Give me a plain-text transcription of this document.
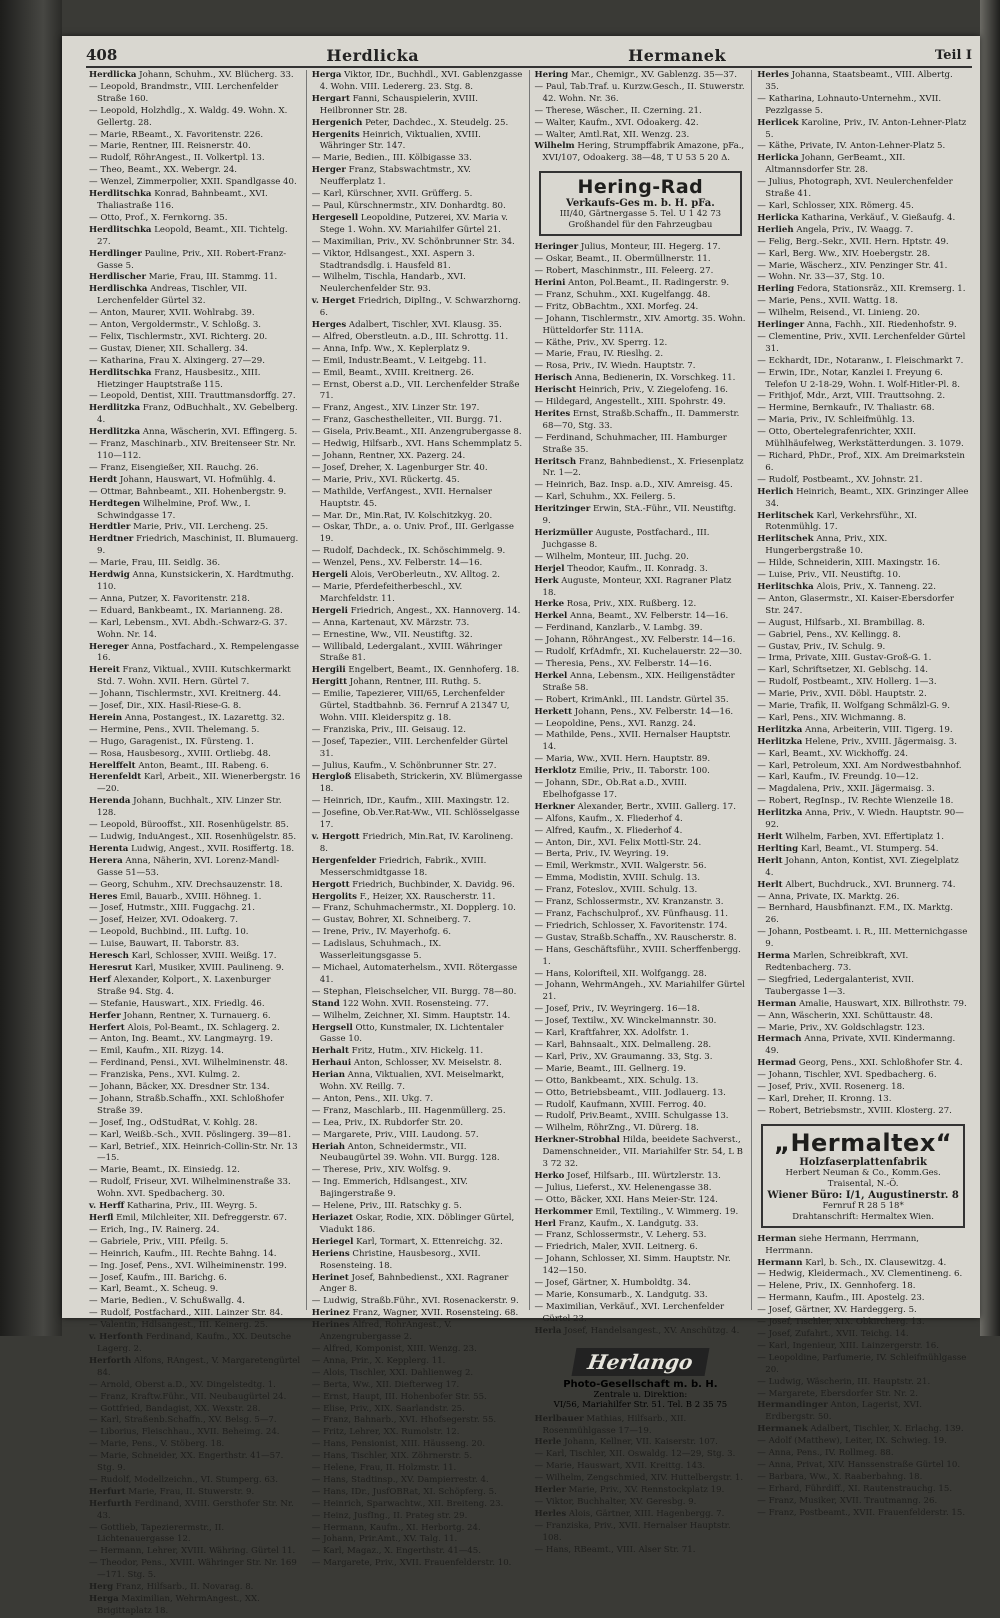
408	Herdlicka	Hermanek	Teil I
Herdlicka Johann, Schuhm., XV. Blücherg. 33.
— Leopold, Brandmstr., VIII. Lerchenfelder Straße 160.
— Leopold, Holzhdlg., X. Waldg. 49. Wohn. X. Gellertg. 28.
— Marie, RBeamt., X. Favoritenstr. 226.
— Marie, Rentner, III. Reisnerstr. 40.
— Rudolf, RöhrAngest., II. Volkertpl. 13.
— Theo, Beamt., XX. Webergr. 24.
— Wenzel, Zimmerpolier, XXII. Spandlgasse 40.
Herdlitschka Konrad, Bahnbeamt., XVI. Thaliastraße 116.
— Otto, Prof., X. Fernkorng. 35.
Herdlitschka Leopold, Beamt., XII. Tichtelg. 27.
Herdlinger Pauline, Priv., XII. Robert-Franz-Gasse 5.
Herdlischer Marie, Frau, III. Stammg. 11.
Herdlischka Andreas, Tischler, VII. Lerchenfelder Gürtel 32.
— Anton, Maurer, XVII. Wohlrabg. 39.
— Anton, Vergoldermstr., V. Schloßg. 3.
— Felix, Tischlermstr., XVI. Richterg. 20.
— Gustav, Diener, XII. Schallerg. 34.
— Katharina, Frau X. Alxingerg. 27—29.
Herdlitschka Franz, Hausbesitz., XIII. Hietzinger Hauptstraße 115.
— Leopold, Dentist, XIII. Trauttmansdorffg. 27.
Herdlitzka Franz, OdBuchhalt., XV. Gebelberg. 4.
Herdlitzka Anna, Wäscherin, XVI. Effingerg. 5.
— Franz, Maschinarb., XIV. Breitenseer Str. Nr. 110—112.
— Franz, Eisengießer, XII. Rauchg. 26.
Herdt Johann, Hauswart, VI. Hofmühlg. 4.
— Ottmar, Bahnbeamt., XII. Hohenbergstr. 9.
Herdtegen Wilhelmine, Prof. Ww., I. Schwindgasse 17.
Herdtler Marie, Priv., VII. Lercheng. 25.
Herdtner Friedrich, Maschinist, II. Blumauerg. 9.
— Marie, Frau, III. Seidlg. 36.
Herdwig Anna, Kunstsickerin, X. Hardtmuthg. 110.
— Anna, Putzer, X. Favoritenstr. 218.
— Eduard, Bankbeamt., IX. Marianneng. 28.
— Karl, Lebensm., XVI. Abdh.-Schwarz-G. 37. Wohn. Nr. 14.
Hereger Anna, Postfachard., X. Rempelengasse 16.
Hereit Franz, Viktual., XVIII. Kutschkermarkt Std. 7. Wohn. XVII. Hern. Gürtel 7.
— Johann, Tischlermstr., XVI. Kreitnerg. 44.
— Josef, Dir., XIX. Hasil-Riese-G. 8.
Herein Anna, Postangest., IX. Lazarettg. 32.
— Hermine, Pens., XVII. Thelemang. 5.
— Hugo, Garagenist., IX. Fürsteng. 1.
— Rosa, Hausbesorg., XVIII. Ortliebg. 48.
Herelffelt Anton, Beamt., III. Rabeng. 6.
Herenfeldt Karl, Arbeit., XII. Wienerbergstr. 16—20.
Herenda Johann, Buchhalt., XIV. Linzer Str. 128.
— Leopold, Bürooffst., XII. Rosenhügelstr. 85.
— Ludwig, InduAngest., XII. Rosenhügelstr. 85.
Herenta Ludwig, Angest., XVII. Rosiffertg. 18.
Herera Anna, Näherin, XVI. Lorenz-Mandl-Gasse 51—53.
— Georg, Schuhm., XIV. Drechsauzenstr. 18.
Heres Emil, Bauarb., XVIII. Höhneg. 1.
— Josef, Hutmstr., XIII. Fuggachg. 21.
— Josef, Heizer, XVI. Odoakerg. 7.
— Leopold, Buchbind., III. Luftg. 10.
— Luise, Bauwart, II. Taborstr. 83.
Heresch Karl, Schlosser, XVIII. Weißg. 17.
Heresrut Karl, Musiker, XVIII. Paulineng. 9.
Herf Alexander, Kolport., X. Laxenburger Straße 94. Stg. 4.
— Stefanie, Hauswart., XIX. Friedlg. 46.
Herfer Johann, Rentner, X. Turnauerg. 6.
Herfert Alois, Pol-Beamt., IX. Schlagerg. 2.
— Anton, Ing. Beamt., XV. Langmayrg. 19.
— Emil, Kaufm., XII. Rizyg. 14.
— Ferdinand, Pensi., XVI. Wilhelminenstr. 48.
— Franziska, Pens., XVI. Kulmg. 2.
— Johann, Bäcker, XX. Dresdner Str. 134.
— Johann, Straßb.Schaffn., XXI. Schloßhofer Straße 39.
— Josef, Ing., OdStudRat, V. Kohlg. 28.
— Karl, Weißb.-Sch., XVII. Pöslingerg. 39—81.
— Karl, Betrief., XIX. Heinrich-Collin-Str. Nr. 13—15.
— Marie, Beamt., IX. Einsiedg. 12.
— Rudolf, Friseur, XVI. Wilhelminenstraße 33. Wohn. XVI. Spedbacherg. 30.
v. Herff Katharina, Priv., III. Weyrg. 5.
Herfl Emil, Milchleiter, XII. Defreggerstr. 67.
— Erich, Ing., IV. Rainerg. 24.
— Gabriele, Priv., VIII. Pfeilg. 5.
— Heinrich, Kaufm., III. Rechte Bahng. 14.
— Ing. Josef, Pens., XVI. Wilheiminenstr. 199.
— Josef, Kaufm., III. Barichg. 6.
— Karl, Beamt., X. Scheug. 9.
— Marie, Bedien., V. Schußwallg. 4.
— Rudolf, Postfachard., XIII. Lainzer Str. 84.
— Valentin, Hdlsangest., III. Keinerg. 25.
v. Herfonth Ferdinand, Kaufm., XX. Deutsche Lagerg. 2.
Herforth Alfons, RAngest., V. Margaretengürtel 84.
— Arnold, Oberst a.D., XV. Dingelstedtg. 1.
— Franz, Kraftw.Führ., VII. Neubaugürtel 24.
— Gottfried, Bandagist, XX. Wexstr. 28.
— Karl, Straßenb.Schaffn., XV. Belsg. 5—7.
— Liborius, Fleischhau., XVII. Beheimg. 24.
— Marie, Pens., V. Stöberg. 18.
— Marie, Schneider, XX. Engerthstr. 41—57. Stg. 9.
— Rudolf, Modellzeichn., VI. Stumperg. 63.
Herfurt Marie, Frau, II. Stuwerstr. 9.
Herfurth Ferdinand, XVIII. Gersthofer Str. Nr. 43.
— Gottlieb, Tapezierermstr., II. Lichtenauergasse 12.
— Hermann, Lehrer, XVIII. Währing. Gürtel 11.
— Theodor, Pens., XVIII. Währinger Str. Nr. 169—171. Stg. 5.
Herg Franz, Hilfsarb., II. Novarag. 8.
Herga Maximilian, WehrmAngest., XX. Brigittaplatz 18.
Herga Viktor, IDr., Buchhdl., XVI. Gablenzgasse 4. Wohn. VIII. Ledererg. 23. Stg. 8.
Hergart Fanni, Schauspielerin, XVIII. Heilbronner Str. 28.
Hergenich Peter, Dachdec., X. Steudelg. 25.
Hergenits Heinrich, Viktualien, XVIII. Währinger Str. 147.
— Marie, Bedien., III. Kölbigasse 33.
Herger Franz, Stabswachtmstr., XV. Neufferplatz 1.
— Karl, Kürschner, XVII. Grüfferg. 5.
— Paul, Kürschnermstr., XIV. Donhardtg. 80.
Hergesell Leopoldine, Putzerei, XV. Maria v. Stege 1. Wohn. XV. Mariahilfer Gürtel 21.
— Maximilian, Priv., XV. Schönbrunner Str. 34.
— Viktor, Hdlsangest., XXI. Aspern 3. Stadtrandsdlg. i. Hausfeld 81.
— Wilhelm, Tischla, Handarb., XVI. Neulerchenfelder Str. 93.
v. Herget Friedrich, DiplIng., V. Schwarzhorng. 6.
Herges Adalbert, Tischler, XVI. Klausg. 35.
— Alfred, Oberstleutn. a.D., III. Schrottg. 11.
— Anna, Infp. Ww., X. Keplerplatz 9.
— Emil, Industr.Beamt., V. Leitgebg. 11.
— Emil, Beamt., XVIII. Kreitnerg. 26.
— Ernst, Oberst a.D., VII. Lerchenfelder Straße 71.
— Franz, Angest., XIV. Linzer Str. 197.
— Franz, Gaschesthelleiter., VII. Burgg. 71.
— Gisela, Priv.Beamt., XII. Anzengrubergasse 8.
— Hedwig, Hilfsarb., XVI. Hans Schemmplatz 5.
— Johann, Rentner, XX. Pazerg. 24.
— Josef, Dreher, X. Lagenburger Str. 40.
— Marie, Priv., XVI. Rückertg. 45.
— Mathilde, VerfAngest., XVII. Hernalser Hauptstr. 45.
— Mar. Dr., Min.Rat, IV. Kolschitzkyg. 20.
— Oskar, ThDr., a. o. Univ. Prof., III. Gerlgasse 19.
— Rudolf, Dachdeck., IX. Schöschimmelg. 9.
— Wenzel, Pens., XV. Felberstr. 14—16.
Hergeli Alois, VerOberleutn., XV. Alltog. 2.
— Marie, Pferdefeitherbeschl., XV. Marchfeldstr. 11.
Hergeli Friedrich, Angest., XX. Hannoverg. 14.
— Anna, Kartenaut, XV. Märzstr. 73.
— Ernestine, Ww., VII. Neustiftg. 32.
— Willibald, Ledergalant., XVIII. Währinger Straße 81.
Hergili Engelbert, Beamt., IX. Gennhoferg. 18.
Hergitt Johann, Rentner, III. Ruthg. 5.
— Emilie, Tapezierer, VIII/65, Lerchenfelder Gürtel, Stadtbahnb. 36. Fernruf A 21347 U, Wohn. VIII. Kleiderspitz g. 18.
— Franziska, Priv., III. Geisaug. 12.
— Josef, Tapezier., VIII. Lerchenfelder Gürtel 31.
— Julius, Kaufm., V. Schönbrunner Str. 27.
Hergloß Elisabeth, Strickerin, XV. Blümergasse 18.
— Heinrich, IDr., Kaufm., XIII. Maxingstr. 12.
— Josefine, Ob.Ver.Rat-Ww., VII. Schlösselgasse 17.
v. Hergott Friedrich, Min.Rat, IV. Karolineng. 8.
Hergenfelder Friedrich, Fabrik., XVIII. Messerschmidtgasse 18.
Hergott Friedrich, Buchbinder, X. Davidg. 96.
Hergolits F., Heizer, XX. Rauscherstr. 11.
— Franz, Schuhmachermstr., XI. Dopplerg. 10.
— Gustav, Bohrer, XI. Schneiberg. 7.
— Irene, Priv., IV. Mayerhofg. 6.
— Ladislaus, Schuhmach., IX. Wasserleitungsgasse 5.
— Michael, Automaterhelsm., XVII. Rötergasse 41.
— Stephan, Fleischselcher, VII. Burgg. 78—80.
Stand 122 Wohn. XVII. Rosensteing. 77.
— Wilhelm, Zeichner, XI. Simm. Hauptstr. 14.
Hergsell Otto, Kunstmaler, IX. Lichtentaler Gasse 10.
Herhalt Fritz, Hutm., XIV. Hickelg. 11.
Herhaui Anton, Schlosser, XV. Meiselstr. 8.
Herian Anna, Viktualien, XVI. Meiselmarkt, Wohn. XV. Reillg. 7.
— Anton, Pens., XII. Ukg. 7.
— Franz, Maschlarb., III. Hagenmüllerg. 25.
— Lea, Priv., IX. Rubdorfer Str. 20.
— Margarete, Priv., VIII. Laudong. 57.
Heriah Anton, Schneidermstr., VII. Neubaugürtel 39. Wohn. VII. Burgg. 128.
— Therese, Priv., XIV. Wolfsg. 9.
— Ing. Emmerich, Hdlsangest., XIV. Bajingerstraße 9.
— Helene, Priv., III. Ratschky g. 5.
Heriazet Oskar, Rodie, XIX. Döblinger Gürtel, Viadukt 186.
Heriegel Karl, Tormart, X. Ettenreichg. 32.
Heriens Christine, Hausbesorg., XVII. Rosensteing. 18.
Herinet Josef, Bahnbedienst., XXI. Ragraner Anger 8.
— Ludwig, Straßb.Führ., XVI. Rosenackerstr. 9.
Herinez Franz, Wagner, XVII. Rosensteing. 68.
Herines Alfred, RohrAngest., V. Anzengrubergasse 2.
— Alfred, Komponist, XIII. Wenzg. 23.
— Anna, Prir., X. Kepplerg. 11.
— Alois, Tischler, XXI. Dahlienweg 2.
— Berta, Ww., XII. Diefterweg 17.
— Ernst, Haupt, III. Hohenbofer Str. 55.
— Elise, Priv., XIX. Saarlandstr. 25.
— Franz, Bahnarb., XVI. Hhofsegerstr. 55.
— Fritz, Lehrer, XX. Rumolstr. 12.
— Hans, Pensionist, XIII. Häusseng. 20.
— Hans, Tischler, XIX. Zöhrnerstr. 5.
— Helene, Frau, II. Holzmstr. 11.
— Hans, Stadtinsp., XV. Dampierrestr. 4.
— Hans, IDr., JusfOBRat, XI. Schöpferg. 5.
— Heinrich, Sparwachtw., XII. Breiteng. 23.
— Heinz, JusfIng., II. Prateg str. 29.
— Hermann, Kaufm., XI. Herbortg. 24.
— Johann, Prir.Amt., XV. Talg. 11.
— Karl, Magaz., X. Engerthstr. 41—45.
— Margarete, Priv., XVII. Frauenfelderstr. 10.
Hering Mar., Chemigr., XV. Gablenzg. 35—37.
— Paul, Tab.Traf. u. Kurzw.Gesch., II. Stuwerstr. 42. Wohn. Nr. 36.
— Therese, Wäscher., II. Czerning. 21.
— Walter, Kaufm., XVI. Odoakerg. 42.
— Walter, Amtl.Rat, XII. Wenzg. 23.
Wilhelm Hering, Strumpffabrik Amazone, pFa., XVI/107, Odoakerg. 38—48, T U 53 5 20 Δ.
Hering-Rad
Verkaufs-Ges m. b. H. pFa.
III/40, Gärtnergasse 5. Tel. U 1 42 73
Großhandel für den Fahrzeugbau
Heringer Julius, Monteur, III. Hegerg. 17.
— Oskar, Beamt., II. Obermüllnerstr. 11.
— Robert, Maschinmstr., III. Feleerg. 27.
Herini Anton, Pol.Beamt., II. Radingerstr. 9.
— Franz, Schuhm., XXI. Kugelfangg. 48.
— Fritz, ObBachtm., XXI. Morfeg. 24.
— Johann, Tischlermstr., XIV. Amortg. 35. Wohn. Hütteldorfer Str. 111A.
— Käthe, Priv., XV. Sperrg. 12.
— Marie, Frau, IV. Rieslhg. 2.
— Rosa, Priv., IV. Wiedn. Hauptstr. 7.
Herisch Anna, Bedienerin, IX. Vorschkeg. 11.
Herischt Heinrich, Priv., V. Ziegelofeng. 16.
— Hildegard, Angestellt., XIII. Spohrstr. 49.
Herites Ernst, Straßb.Schaffn., II. Dammerstr. 68—70, Stg. 33.
— Ferdinand, Schuhmacher, III. Hamburger Straße 35.
Heritsch Franz, Bahnbedienst., X. Friesenplatz Nr. 1—2.
— Heinrich, Baz. Insp. a.D., XIV. Amreisg. 45.
— Karl, Schuhm., XX. Feilerg. 5.
Heritzinger Erwin, StA.-Führ., VII. Neustiftg. 9.
Herizmüller Auguste, Postfachard., III. Juchgasse 8.
— Wilhelm, Monteur, III. Juchg. 20.
Herjel Theodor, Kaufm., II. Konradg. 3.
Herk Auguste, Monteur, XXI. Ragraner Platz 18.
Herke Rosa, Priv., XIX. Rußberg. 12.
Herkel Anna, Beamt., XV. Felberstr. 14—16.
— Ferdinand, Kanzlarb., V. Lambg. 39.
— Johann, RöhrAngest., XV. Felberstr. 14—16.
— Rudolf, KrfAdmfr., XI. Kuchelauerstr. 22—30.
— Theresia, Pens., XV. Felberstr. 14—16.
Herkel Anna, Lebensm., XIX. Heiligenstädter Straße 58.
— Robert, KrimAnkl., III. Landstr. Gürtel 35.
Herkett Johann, Pens., XV. Felberstr. 14—16.
— Leopoldine, Pens., XVI. Ranzg. 24.
— Mathilde, Pens., XVII. Hernalser Hauptstr. 14.
— Maria, Ww., XVII. Hern. Hauptstr. 89.
Herklotz Emilie, Priv., II. Taborstr. 100.
— Johann, SDr., Ob.Rat a.D., XVIII. Ebelhofgasse 17.
Herkner Alexander, Bertr., XVIII. Gallerg. 17.
— Alfons, Kaufm., X. Fliederhof 4.
— Alfred, Kaufm., X. Fliederhof 4.
— Anton, Dir., XVI. Felix Mottl-Str. 24.
— Berta, Priv., IV. Weyring. 19.
— Emil, Werkmstr., XVII. Walgerstr. 56.
— Emma, Modistin, XVIII. Schulg. 13.
— Franz, Foteslov., XVIII. Schulg. 13.
— Franz, Schlossermstr., XV. Kranzanstr. 3.
— Franz, Fachschulprof., XV. Fünfhausg. 11.
— Friedrich, Schlosser, X. Favoritenstr. 174.
— Gustav, Straßb.Schaffn., XV. Rauscherstr. 8.
— Hans, Geschäftsführ., XVIII. Scherffenbergg. 1.
— Hans, Kolorifteil, XII. Wolfgangg. 28.
— Johann, WehrmAngeh., XV. Mariahilfer Gürtel 21.
— Josef, Priv., IV. Weyringerg. 16—18.
— Josef, Textilw., XV. Winckelmannstr. 30.
— Karl, Kraftfahrer, XX. Adolfstr. 1.
— Karl, Bahnsaalt., XIX. Delmalleng. 28.
— Karl, Priv., XV. Graumanng. 33, Stg. 3.
— Marie, Beamt., III. Gellnerg. 19.
— Otto, Bankbeamt., XIX. Schulg. 13.
— Otto, Betriebsbeamt., VIII. Jodlauerg. 13.
— Rudolf, Kaufmann, XVIII. Ferrog. 40.
— Rudolf, Priv.Beamt., XVIII. Schulgasse 13.
— Wilhelm, RöhrZng., VI. Dürerg. 18.
Herkner-Strobhal Hilda, beeidete Sachverst., Damenschneider., VII. Mariahilfer Str. 54, L B 3 72 32.
Herko Josef, Hilfsarb., III. Würtzlerstr. 13.
— Julius, Lieferst., XV. Helenengasse 38.
— Otto, Bäcker, XXI. Hans Meier-Str. 124.
Herkommer Emil, Textiling., V. Wimmerg. 19.
Herl Franz, Kaufm., X. Landgutg. 33.
— Franz, Schlossermstr., V. Leherg. 53.
— Friedrich, Maler, XVII. Leitnerg. 6.
— Johann, Schlosser, XI. Simm. Hauptstr. Nr. 142—150.
— Josef, Gärtner, X. Humboldtg. 34.
— Marie, Konsumarb., X. Landgutg. 33.
— Maximilian, Verkäuf., XVI. Lerchenfelder Gürtel 23.
Herla Josef, Handelsangest., XV. Anschützg. 4.
Herlango
Photo-Gesellschaft m. b. H.
Zentrale u. Direktion:
VI/56, Mariahilfer Str. 51. Tel. B 2 35 75
Herlbauer Mathias, Hilfsarb., XII. Rosenmühlgasse 17—19.
Herle Johann, Kellner, VII. Kaiserstr. 107.
— Karl, Tischler, XII. Oswaldg. 12—29, Stg. 3.
— Marie, Hauswart, XVII. Kreittg. 143.
— Wilhelm, Zengschmied, XIV. Huttelbergstr. 1.
Herler Marie, Priv., XV. Rennstockplatz 19.
— Viktor, Buchhalter, XV. Geresbg. 9.
Herles Alois, Gärtner, XIII. Hagenbergg. 7.
— Franziska, Priv., XVII. Hernalser Hauptstr. 108.
— Hans, RBeamt., VIII. Alser Str. 71.
Herles Johanna, Staatsbeamt., VIII. Albertg. 35.
— Katharina, Lohnauto-Unternehm., XVII. Pezzlgasse 5.
Herlicek Karoline, Priv., IV. Anton-Lehner-Platz 5.
— Käthe, Private, IV. Anton-Lehner-Platz 5.
Herlicka Johann, GerBeamt., XII. Altmannsdorfer Str. 28.
— Julius, Photograph, XVI. Neulerchenfelder Straße 41.
— Karl, Schlosser, XIX. Römerg. 45.
Herlicka Katharina, Verkäuf., V. Gießaufg. 4.
Herlieh Angela, Priv., IV. Waagg. 7.
— Felig, Berg.-Sekr., XVII. Hern. Hptstr. 49.
— Karl, Berg. Ww., XIV. Hoebergstr. 28.
— Marie, Wäscherz., XIV. Penzinger Str. 41.
— Wohn. Nr. 33—37, Stg. 10.
Herling Fedora, Stationsräz., XII. Kremserg. 1.
— Marie, Pens., XVII. Wattg. 18.
— Wilhelm, Reisend., VI. Linieng. 20.
Herlinger Anna, Fachh., XII. Riedenhofstr. 9.
— Clementine, Priv., XVII. Lerchenfelder Gürtel 31.
— Eckhardt, IDr., Notaranw., I. Fleischmarkt 7.
— Erwin, IDr., Notar, Kanzlei I. Freyung 6. Telefon U 2-18-29, Wohn. I. Wolf-Hitler-Pl. 8.
— Frithjof, Mdr., Arzt, VIII. Trauttsohng. 2.
— Hermine, Bernkaufr., IV. Thaliastr. 68.
— Maria, Priv., IV. Schleifmühlg. 13.
— Otto, Obertelegrafenrichter, XXII. Mühlhäufelweg, Werkstätterdungen. 3. 1079.
— Richard, PhDr., Prof., XIX. Am Dreimarkstein 6.
— Rudolf, Postbeamt., XV. Johnstr. 21.
Herlich Heinrich, Beamt., XIX. Grinzinger Allee 34.
Herlitschek Karl, Verkehrsführ., XI. Rotenmühlg. 17.
Herlitschek Anna, Priv., XIX. Hungerbergstraße 10.
— Hilde, Schneiderin, XIII. Maxingstr. 16.
— Luise, Priv., VII. Neustiftg. 10.
Herlitschka Alois, Priv., X. Tanneng. 22.
— Anton, Glasermstr., XI. Kaiser-Ebersdorfer Str. 247.
— August, Hilfsarb., XI. Brambillag. 8.
— Gabriel, Pens., XV. Kellingg. 8.
— Gustav, Priv., IV. Schulg. 9.
— Irma, Private, XIII. Gustav-Groß-G. 1.
— Karl, Schriftsetzer, XI. Geblschg. 14.
— Rudolf, Postbeamt., XIV. Hollerg. 1—3.
— Marie, Priv., XVII. Döbl. Hauptstr. 2.
— Marie, Trafik, II. Wolfgang Schmälzl-G. 9.
— Karl, Pens., XIV. Wichmanng. 8.
Herlitzka Anna, Arbeiterin, VIII. Tigerg. 19.
Herlitzka Helene, Priv., XVIII. Jägermaisg. 3.
— Karl, Beamt., XV. Wickhoffg. 24.
— Karl, Petroleum, XXI. Am Nordwestbahnhof.
— Karl, Kaufm., IV. Freundg. 10—12.
— Magdalena, Priv., XXII. Jägermaisg. 3.
— Robert, RegInsp., IV. Rechte Wienzeile 18.
Herlitzka Anna, Priv., V. Wiedn. Hauptstr. 90—92.
Herlt Wilhelm, Farben, XVI. Effertiplatz 1.
Herlting Karl, Beamt., VI. Stumperg. 54.
Herlt Johann, Anton, Kontist, XVI. Ziegelplatz 4.
Herlt Albert, Buchdruck., XVI. Brunnerg. 74.
— Anna, Private, IX. Marktg. 26.
— Bernhard, Hausbfinanzt. F.M., IX. Marktg. 26.
— Johann, Postbeamt. i. R., III. Metternichgasse 9.
Herma Marlen, Schreibkraft, XVI. Redtenbacherg. 73.
— Siegfried, Ledergalanterist, XVII. Taubergasse 1—3.
Herman Amalie, Hauswart, XIX. Billrothstr. 79.
— Ann, Wäscherin, XXI. Schüttaustr. 48.
— Marie, Priv., XV. Goldschlagstr. 123.
Hermach Anna, Private, XVII. Kindermanng. 49.
Hermad Georg, Pens., XXI. Schloßhofer Str. 4.
— Johann, Tischler, XVI. Spedbacherg. 6.
— Josef, Priv., XVII. Rosenerg. 18.
— Karl, Dreher, II. Kronng. 13.
— Robert, Betriebsmstr., XVIII. Klosterg. 27.
„Hermaltex“
Holzfaserplattenfabrik
Herbert Neuman & Co., Komm.Ges.
Traisental, N.-Ö.
Wiener Büro: I/1, Augustinerstr. 8
Fernruf R 28 5 18*
Drahtanschrift: Hermaltex Wien.
Herman siehe Hermann, Herrmann, Herrmann.
Hermann Karl, b. Sch., IX. Clausewitzg. 4.
— Hedwig, Kleidermach., XV. Clementineng. 6.
— Helene, Priv., IX. Gennhoferg. 18.
— Hermann, Kaufm., III. Apostelg. 23.
— Josef, Gärtner, XV. Hardeggerg. 5.
— Josef, Tischler, XIX. Obkircherg. 13.
— Josef, Zufahrt., XVII. Teichg. 14.
— Karl, Ingenieur, XIII. Lainzergerstr. 16.
— Leopoldine, Parfumerie, IV. Schleifmühlgasse 20.
— Ludwig, Wäscherin, III. Hauptstr. 21.
— Margarete, Ebersdorfer Str. Nr. 2.
Hermandinger Anton, Lagerist, XVI. Erdbergstr. 50.
Hermanek Adalbert, Tischler, X. Erlachg. 139.
— Adolf (Matthew), Leiter, IX. Schwieg. 19.
— Anna, Pens., IV. Rollmeg. 88.
— Anna, Privat, XIV. Hanssenstraße Gürtel 10.
— Barbara, Ww., X. Raaberbahng. 18.
— Erhard, Führdiff., XI. Rautenstrauchg. 15.
— Franz, Musiker, XVII. Trautmanng. 26.
— Franz, Postbeamt., XVII. Frauenfelderstr. 15.
